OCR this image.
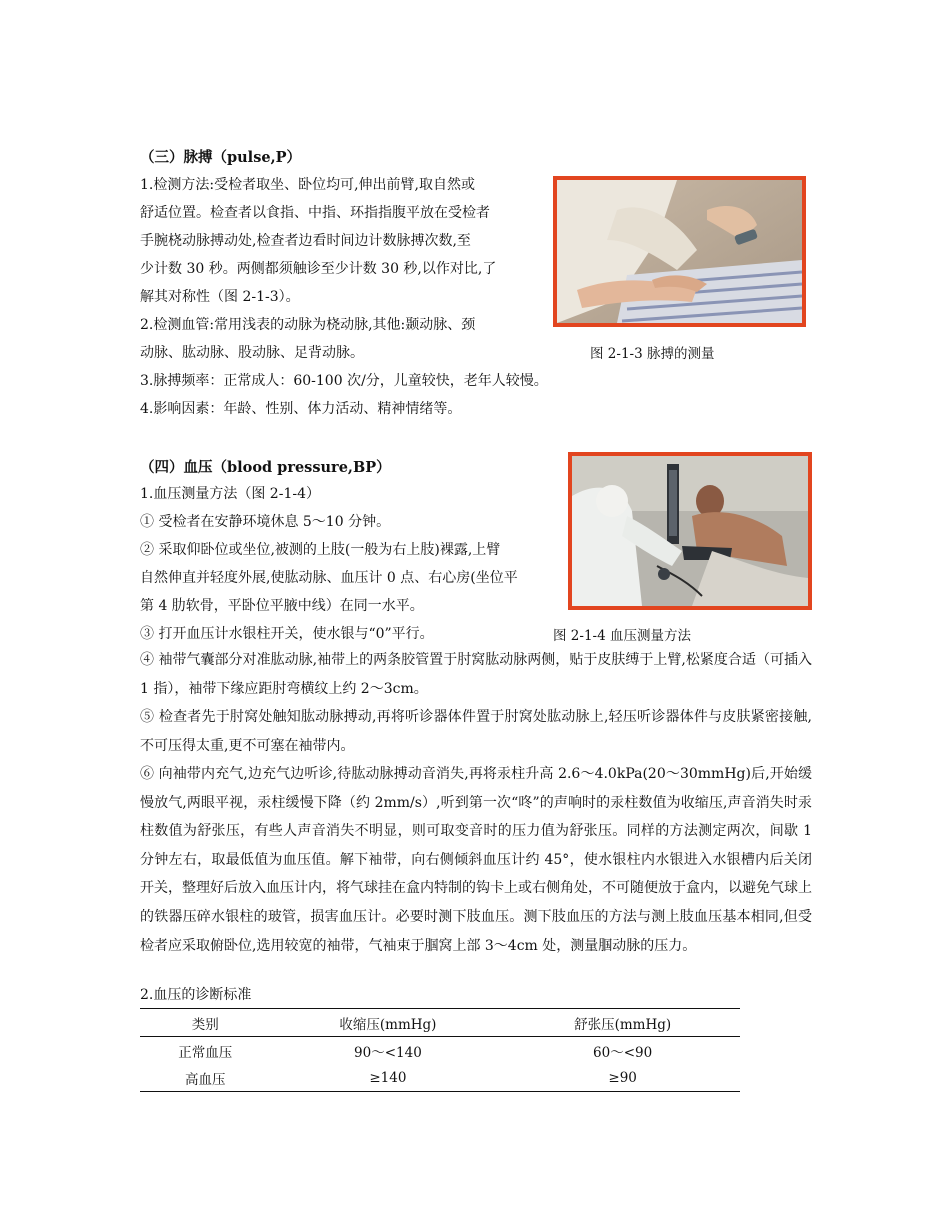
（三）脉搏（pulse,P）
1.检测方法:受检者取坐、卧位均可,伸出前臂,取自然或
舒适位置。检查者以食指、中指、环指指腹平放在受检者
手腕桡动脉搏动处,检查者边看时间边计数脉搏次数,至
少计数 30 秒。两侧都须触诊至少计数 30 秒,以作对比,了
解其对称性（图 2-1-3）。
2.检测血管:常用浅表的动脉为桡动脉,其他:颞动脉、颈
动脉、肱动脉、股动脉、足背动脉。	图 2-1-3 脉搏的测量
3.脉搏频率：正常成人：60-100 次/分，儿童较快，老年人较慢。
4.影响因素：年龄、性别、体力活动、精神情绪等。
（四）血压（blood pressure,BP）
1.血压测量方法（图 2-1-4）
① 受检者在安静环境休息 5～10 分钟。
② 采取仰卧位或坐位,被测的上肢(一般为右上肢)裸露,上臂
自然伸直并轻度外展,使肱动脉、血压计 0 点、右心房(坐位平
第 4 肋软骨，平卧位平腋中线）在同一水平。
③ 打开血压计水银柱开关，使水银与“0”平行。	图 2-1-4 血压测量方法
④ 袖带气囊部分对准肱动脉,袖带上的两条胶管置于肘窝肱动脉两侧，贴于皮肤缚于上臂,松紧度合适（可插入 1 指），袖带下缘应距肘弯横纹上约 2～3cm。
⑤ 检查者先于肘窝处触知肱动脉搏动,再将听诊器体件置于肘窝处肱动脉上,轻压听诊器体件与皮肤紧密接触,不可压得太重,更不可塞在袖带内。
⑥ 向袖带内充气,边充气边听诊,待肱动脉搏动音消失,再将汞柱升高 2.6～4.0kPa(20～30mmHg)后,开始缓慢放气,两眼平视，汞柱缓慢下降（约 2mm/s）,听到第一次“咚”的声响时的汞柱数值为收缩压,声音消失时汞柱数值为舒张压，有些人声音消失不明显，则可取变音时的压力值为舒张压。同样的方法测定两次，间歇 1 分钟左右，取最低值为血压值。解下袖带，向右侧倾斜血压计约 45°，使水银柱内水银进入水银槽内后关闭开关，整理好后放入血压计内，将气球挂在盒内特制的钩卡上或右侧角处，不可随便放于盒内，以避免气球上的铁器压碎水银柱的玻管，损害血压计。必要时测下肢血压。测下肢血压的方法与测上肢血压基本相同,但受检者应采取俯卧位,选用较宽的袖带，气袖束于腘窝上部 3～4cm 处，测量腘动脉的压力。
2.血压的诊断标准
类别	收缩压(mmHg)	舒张压(mmHg)
正常血压	90～<140	60～<90
高血压	≥140	≥90
